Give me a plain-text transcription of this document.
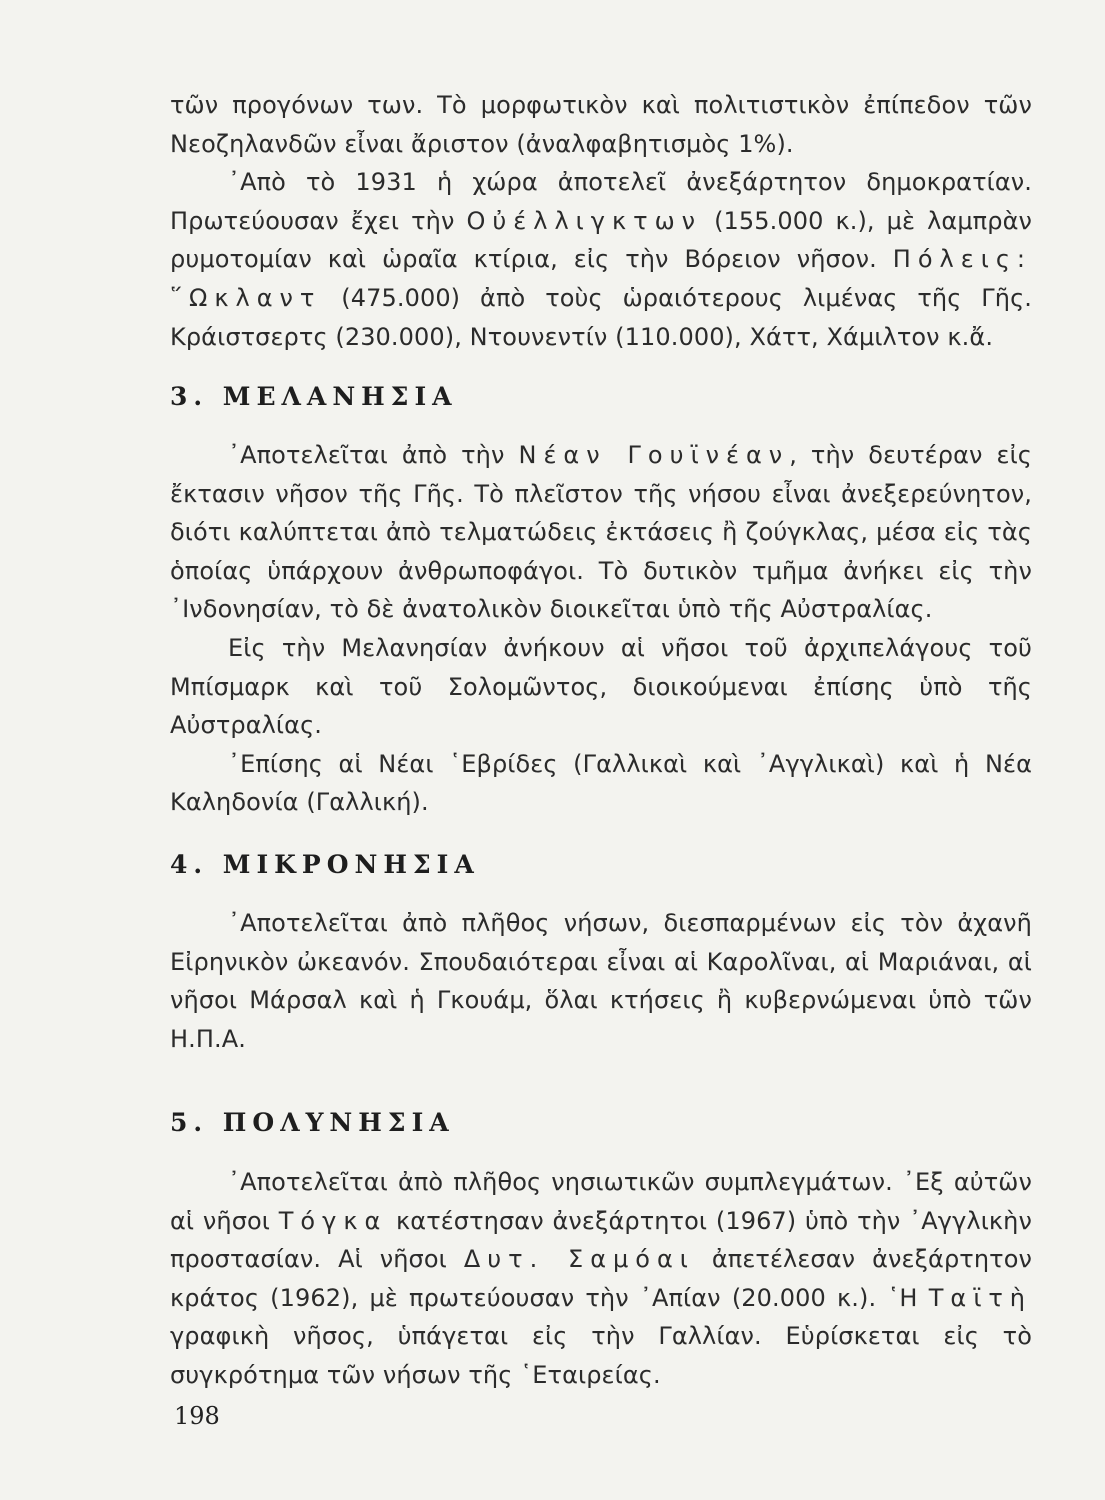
τῶν προγόνων των. Τὸ μορφωτικὸν καὶ πολιτιστικὸν ἐπίπεδον τῶν Νεοζηλανδῶν εἶναι ἄριστον (ἀναλφαβητισμὸς 1%).

᾿Απὸ τὸ 1931 ἡ χώρα ἀποτελεῖ ἀνεξάρτητον δημοκρατίαν. Πρωτεύουσαν ἔχει τὴν Οὐέλλιγκτων (155.000 κ.), μὲ λαμπρὰν ρυμοτομίαν καὶ ὡραῖα κτίρια, εἰς τὴν Βόρειον νῆσον. Πόλεις: ῞Ωκλαντ (475.000) ἀπὸ τοὺς ὡραιότερους λιμένας τῆς Γῆς. Κράιστσερτς (230.000), Ντουνεντίν (110.000), Χάττ, Χάμιλτον κ.ἄ.

3. ΜΕΛΑΝΗΣΙΑ

᾿Αποτελεῖται ἀπὸ τὴν Νέαν Γουϊνέαν, τὴν δευτέραν εἰς ἔκτασιν νῆσον τῆς Γῆς. Τὸ πλεῖστον τῆς νήσου εἶναι ἀνεξερεύνητον, διότι καλύπτεται ἀπὸ τελματώδεις ἐκτάσεις ἢ ζούγκλας, μέσα εἰς τὰς ὁποίας ὑπάρχουν ἀνθρωποφάγοι. Τὸ δυτικὸν τμῆμα ἀνήκει εἰς τὴν ᾿Ινδονησίαν, τὸ δὲ ἀνατολικὸν διοικεῖται ὑπὸ τῆς Αὐστραλίας.

Εἰς τὴν Μελανησίαν ἀνήκουν αἱ νῆσοι τοῦ ἀρχιπελάγους τοῦ Μπίσμαρκ καὶ τοῦ Σολομῶντος, διοικούμεναι ἐπίσης ὑπὸ τῆς Αὐστραλίας.

᾿Επίσης αἱ Νέαι ῾Εβρίδες (Γαλλικαὶ καὶ ᾿Αγγλικαὶ) καὶ ἡ Νέα Καληδονία (Γαλλική).

4. ΜΙΚΡΟΝΗΣΙΑ

᾿Αποτελεῖται ἀπὸ πλῆθος νήσων, διεσπαρμένων εἰς τὸν ἀχανῆ Εἰρηνικὸν ὠκεανόν. Σπουδαιότεραι εἶναι αἱ Καρολῖναι, αἱ Μαριάναι, αἱ νῆσοι Μάρσαλ καὶ ἡ Γκουάμ, ὅλαι κτήσεις ἢ κυβερνώμεναι ὑπὸ τῶν Η.Π.Α.

5. ΠΟΛΥΝΗΣΙΑ

᾿Αποτελεῖται ἀπὸ πλῆθος νησιωτικῶν συμπλεγμάτων. ᾿Εξ αὐτῶν αἱ νῆσοι Τόγκα κατέστησαν ἀνεξάρτητοι (1967) ὑπὸ τὴν ᾿Αγγλικὴν προστασίαν. Αἱ νῆσοι Δυτ. Σαμόαι ἀπετέλεσαν ἀνεξάρτητον κράτος (1962), μὲ πρωτεύουσαν τὴν ᾿Απίαν (20.000 κ.). ῾Η Ταϊτὴ γραφικὴ νῆσος, ὑπάγεται εἰς τὴν Γαλλίαν. Εὑρίσκεται εἰς τὸ συγκρότημα τῶν νήσων τῆς ῾Εταιρείας.

198
